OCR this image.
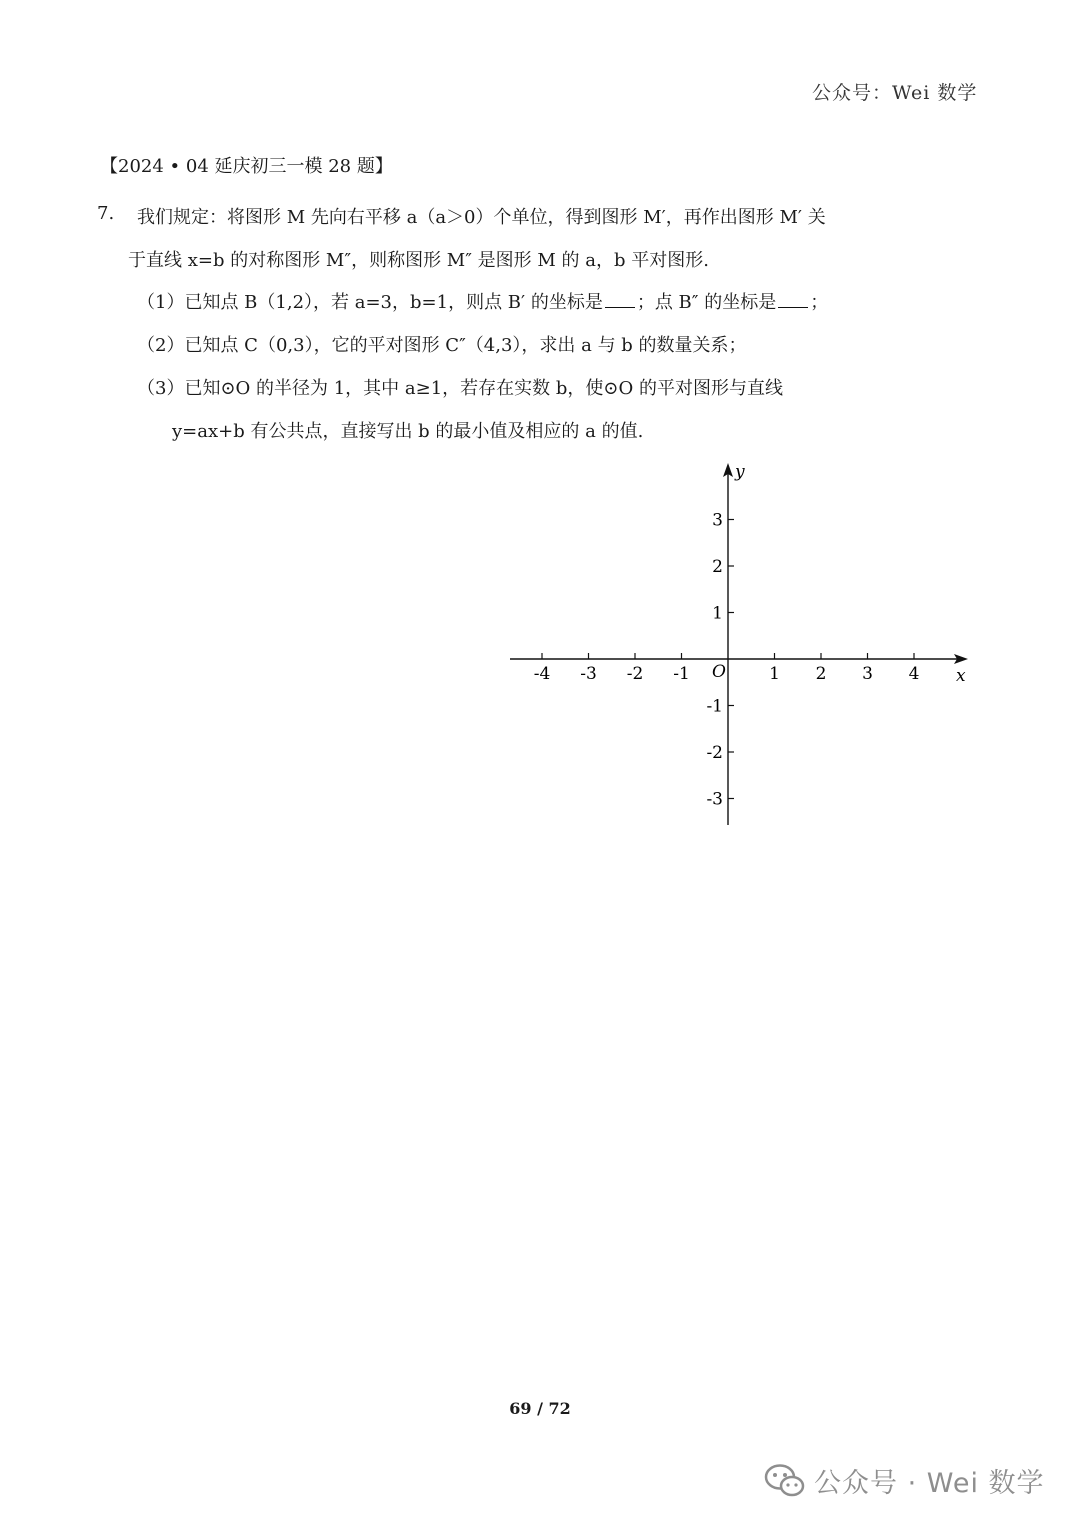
公众号：Wei 数学
【2024 • 04 延庆初三一模 28 题】
7. 我们规定：将图形 M 先向右平移 a（a＞0）个单位，得到图形 M′，再作出图形 M′ 关
于直线 x=b 的对称图形 M″，则称图形 M″ 是图形 M 的 a，b 平对图形.
（1）已知点 B（1,2），若 a=3，b=1，则点 B′ 的坐标是 ；点 B″ 的坐标是 ；
（2）已知点 C（0,3），它的平对图形 C″（4,3），求出 a 与 b 的数量关系；
（3）已知⊙O 的半径为 1，其中 a≥1，若存在实数 b，使⊙O 的平对图形与直线
y=ax+b 有公共点，直接写出 b 的最小值及相应的 a 的值.
-4 -3 -2 -1	1 2 3 4
-3
-2
-1
1
2
3
x
y
O
69 / 72
公众号 · Wei 数学
